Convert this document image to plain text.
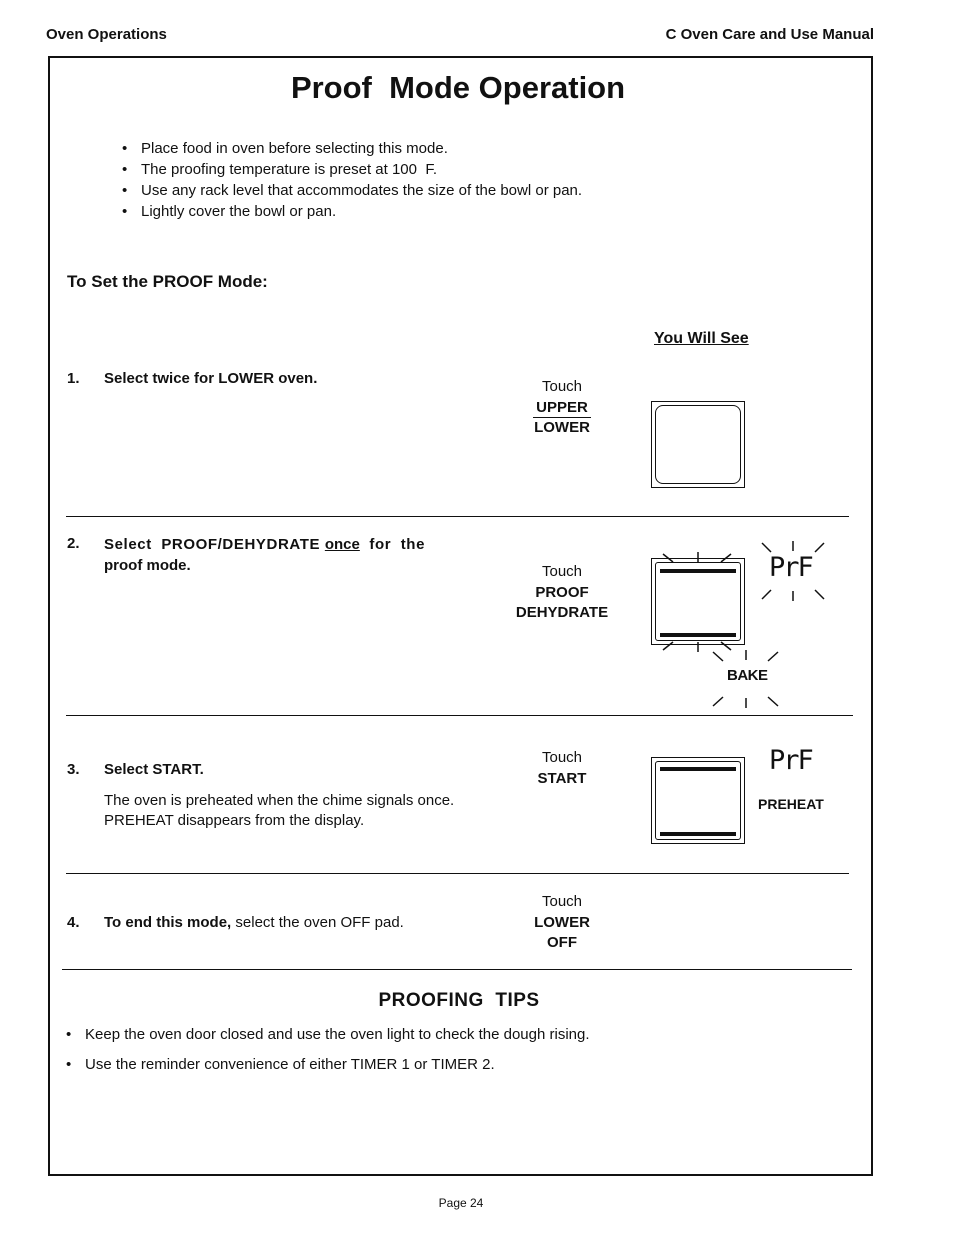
Oven Operations	C Oven Care and Use Manual
Proof  Mode Operation
• Place food in oven before selecting this mode.
• The proofing temperature is preset at 100  F.
• Use any rack level that accommodates the size of the bowl or pan.
• Lightly cover the bowl or pan.
To Set the PROOF Mode:
You Will See
1. Select twice for LOWER oven.	Touch
UPPER
LOWER
2. Select  PROOF/DEHYDRATE once  for  the
proof mode.	Touch
PROOF
DEHYDRATE
PrF
BAKE
3. Select START.
The oven is preheated when the chime signals once.
PREHEAT disappears from the display.
Touch
START
PrF
PREHEAT
4. To end this mode, select the oven OFF pad.
Touch
LOWER
OFF
PROOFING  TIPS
• Keep the oven door closed and use the oven light to check the dough rising.
• Use the reminder convenience of either TIMER 1 or TIMER 2.
Page 24
